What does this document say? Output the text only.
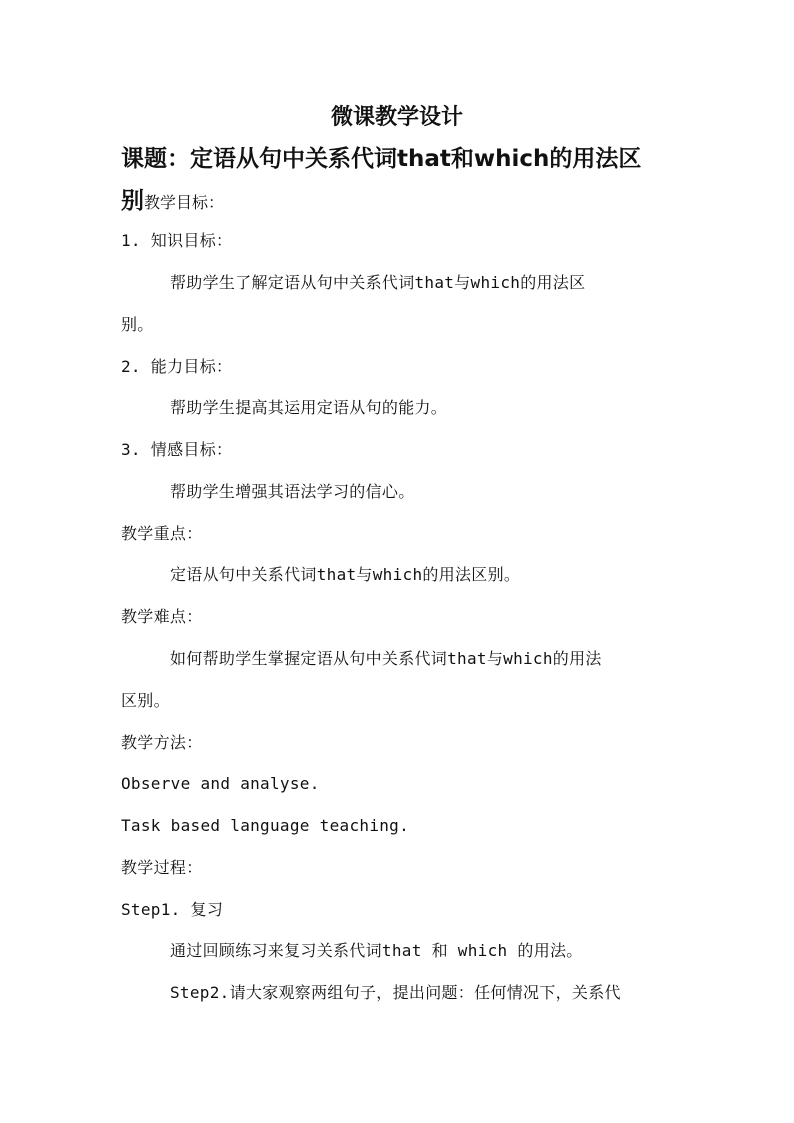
微课教学设计
课题：定语从句中关系代词that和which的用法区
别教学目标：
1. 知识目标：
帮助学生了解定语从句中关系代词that与which的用法区
别。
2. 能力目标：
帮助学生提高其运用定语从句的能力。
3. 情感目标：
帮助学生增强其语法学习的信心。
教学重点：
定语从句中关系代词that与which的用法区别。
教学难点：
如何帮助学生掌握定语从句中关系代词that与which的用法
区别。
教学方法：
Observe and analyse.
Task based language teaching.
教学过程：
Step1. 复习
通过回顾练习来复习关系代词that 和 which 的用法。
Step2.请大家观察两组句子，提出问题：任何情况下，关系代
